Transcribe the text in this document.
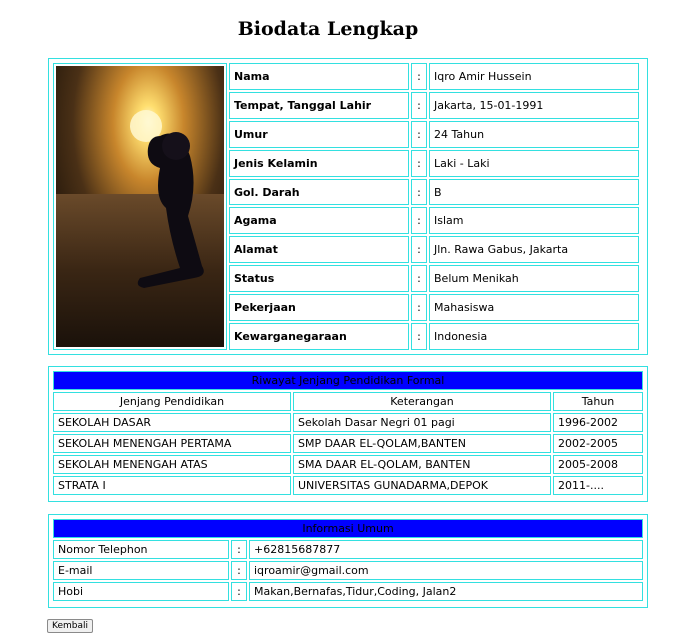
Biodata Lengkap
	Nama	:	Iqro Amir Hussein
	Tempat, Tanggal Lahir	:	Jakarta, 15-01-1991
	Umur	:	24 Tahun
	Jenis Kelamin	:	Laki - Laki
	Gol. Darah	:	B
	Agama	:	Islam
	Alamat	:	Jln. Rawa Gabus, Jakarta
	Status	:	Belum Menikah
	Pekerjaan	:	Mahasiswa
	Kewarganegaraan	:	Indonesia
Riwayat Jenjang Pendidikan Formal		
Jenjang Pendidikan	Keterangan	Tahun
SEKOLAH DASAR	Sekolah Dasar Negri 01 pagi	1996-2002
SEKOLAH MENENGAH PERTAMA	SMP DAAR EL-QOLAM,BANTEN	2002-2005
SEKOLAH MENENGAH ATAS	SMA DAAR EL-QOLAM, BANTEN	2005-2008
STRATA I	UNIVERSITAS GUNADARMA,DEPOK	2011-....
Informasi Umum		
Nomor Telephon	:	+62815687877
E-mail	:	iqroamir@gmail.com
Hobi	:	Makan,Bernafas,Tidur,Coding, Jalan2
Kembali
